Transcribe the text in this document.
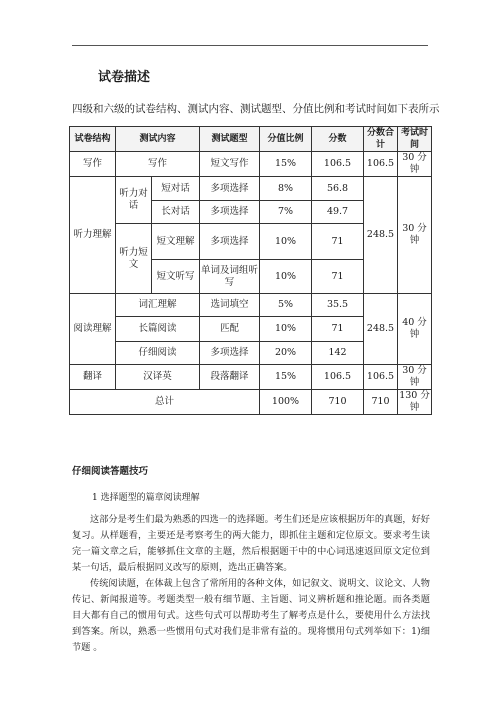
试卷描述
四级和六级的试卷结构、测试内容、测试题型、分值比例和考试时间如下表所示
试卷结构	测试内容		测试题型	分值比例	分数	分数合计	考试时间
写作	写作		短文写作	15%	106.5	106.5	30 分钟
听力理解	听力对话	短对话	多项选择	8%	56.8	248.5	30 分钟
		长对话	多项选择	7%	49.7		
	听力短文	短文理解	多项选择	10%	71		
		短文听写	单词及词组听写	10%	71		
阅读理解	词汇理解		选词填空	5%	35.5	248.5	40 分钟
	长篇阅读		匹配	10%	71		
	仔细阅读		多项选择	20%	142		
翻译	汉译英		段落翻译	15%	106.5	106.5	30 分钟
总计				100%	710	710	130 分钟
仔细阅读答题技巧
1 选择题型的篇章阅读理解

这部分是考生们最为熟悉的四选一的选择题。考生们还是应该根据历年的真题，好好复习。从样题看，主要还是考察考生的两大能力，即抓住主题和定位原文。要求考生读完一篇文章之后，能够抓住文章的主题，然后根据题干中的中心词迅速返回原文定位到某一句话，最后根据同义改写的原则，选出正确答案。

传统阅读题，在体裁上包含了常所用的各种文体，如记叙文、说明文、议论文、人物传记、新闻报道等。考题类型一般有细节题、主旨题、词义辨析题和推论题。而各类题目大都有自己的惯用句式。这些句式可以帮助考生了解考点是什么，要使用什么方法找到答案。所以，熟悉一些惯用句式对我们是非常有益的。现将惯用句式列举如下：1)细节题 。
